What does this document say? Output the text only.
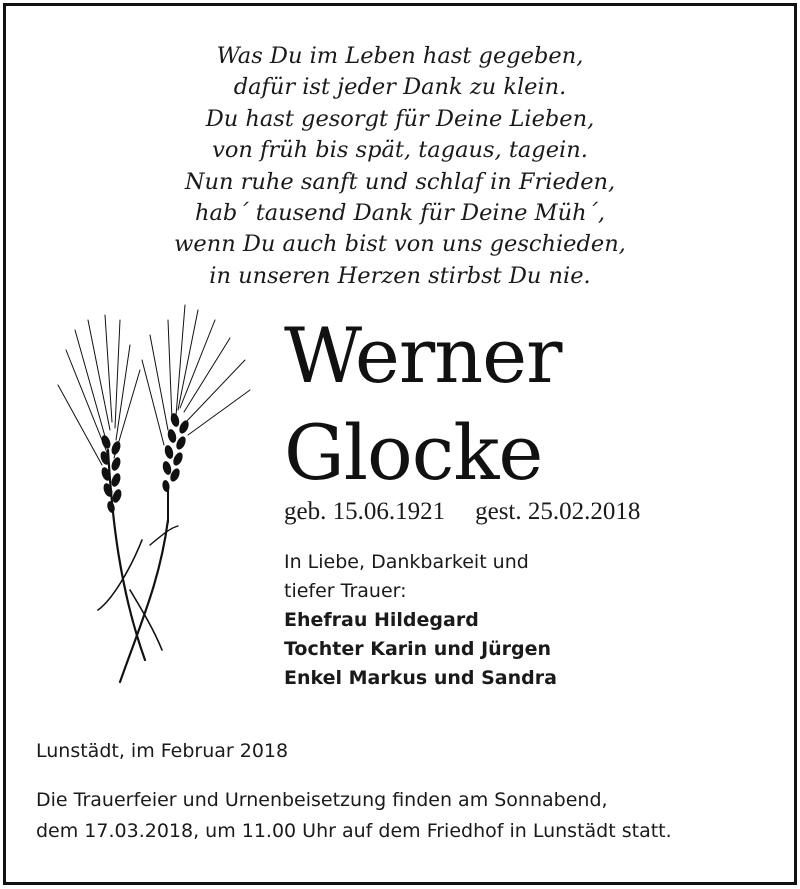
Was Du im Leben hast gegeben,
dafür ist jeder Dank zu klein.
Du hast gesorgt für Deine Lieben,
von früh bis spät, tagaus, tagein.
Nun ruhe sanft und schlaf in Frieden,
hab´ tausend Dank für Deine Müh´,
wenn Du auch bist von uns geschieden,
in unseren Herzen stirbst Du nie.
Werner
Glocke
geb. 15.06.1921 gest. 25.02.2018

In Liebe, Dankbarkeit und

tiefer Trauer:

Ehefrau Hildegard
Tochter Karin und Jürgen
Enkel Markus und Sandra
Lunstädt, im Februar 2018

Die Trauerfeier und Urnenbeisetzung finden am Sonnabend,
dem 17.03.2018, um 11.00 Uhr auf dem Friedhof in Lunstädt statt.
